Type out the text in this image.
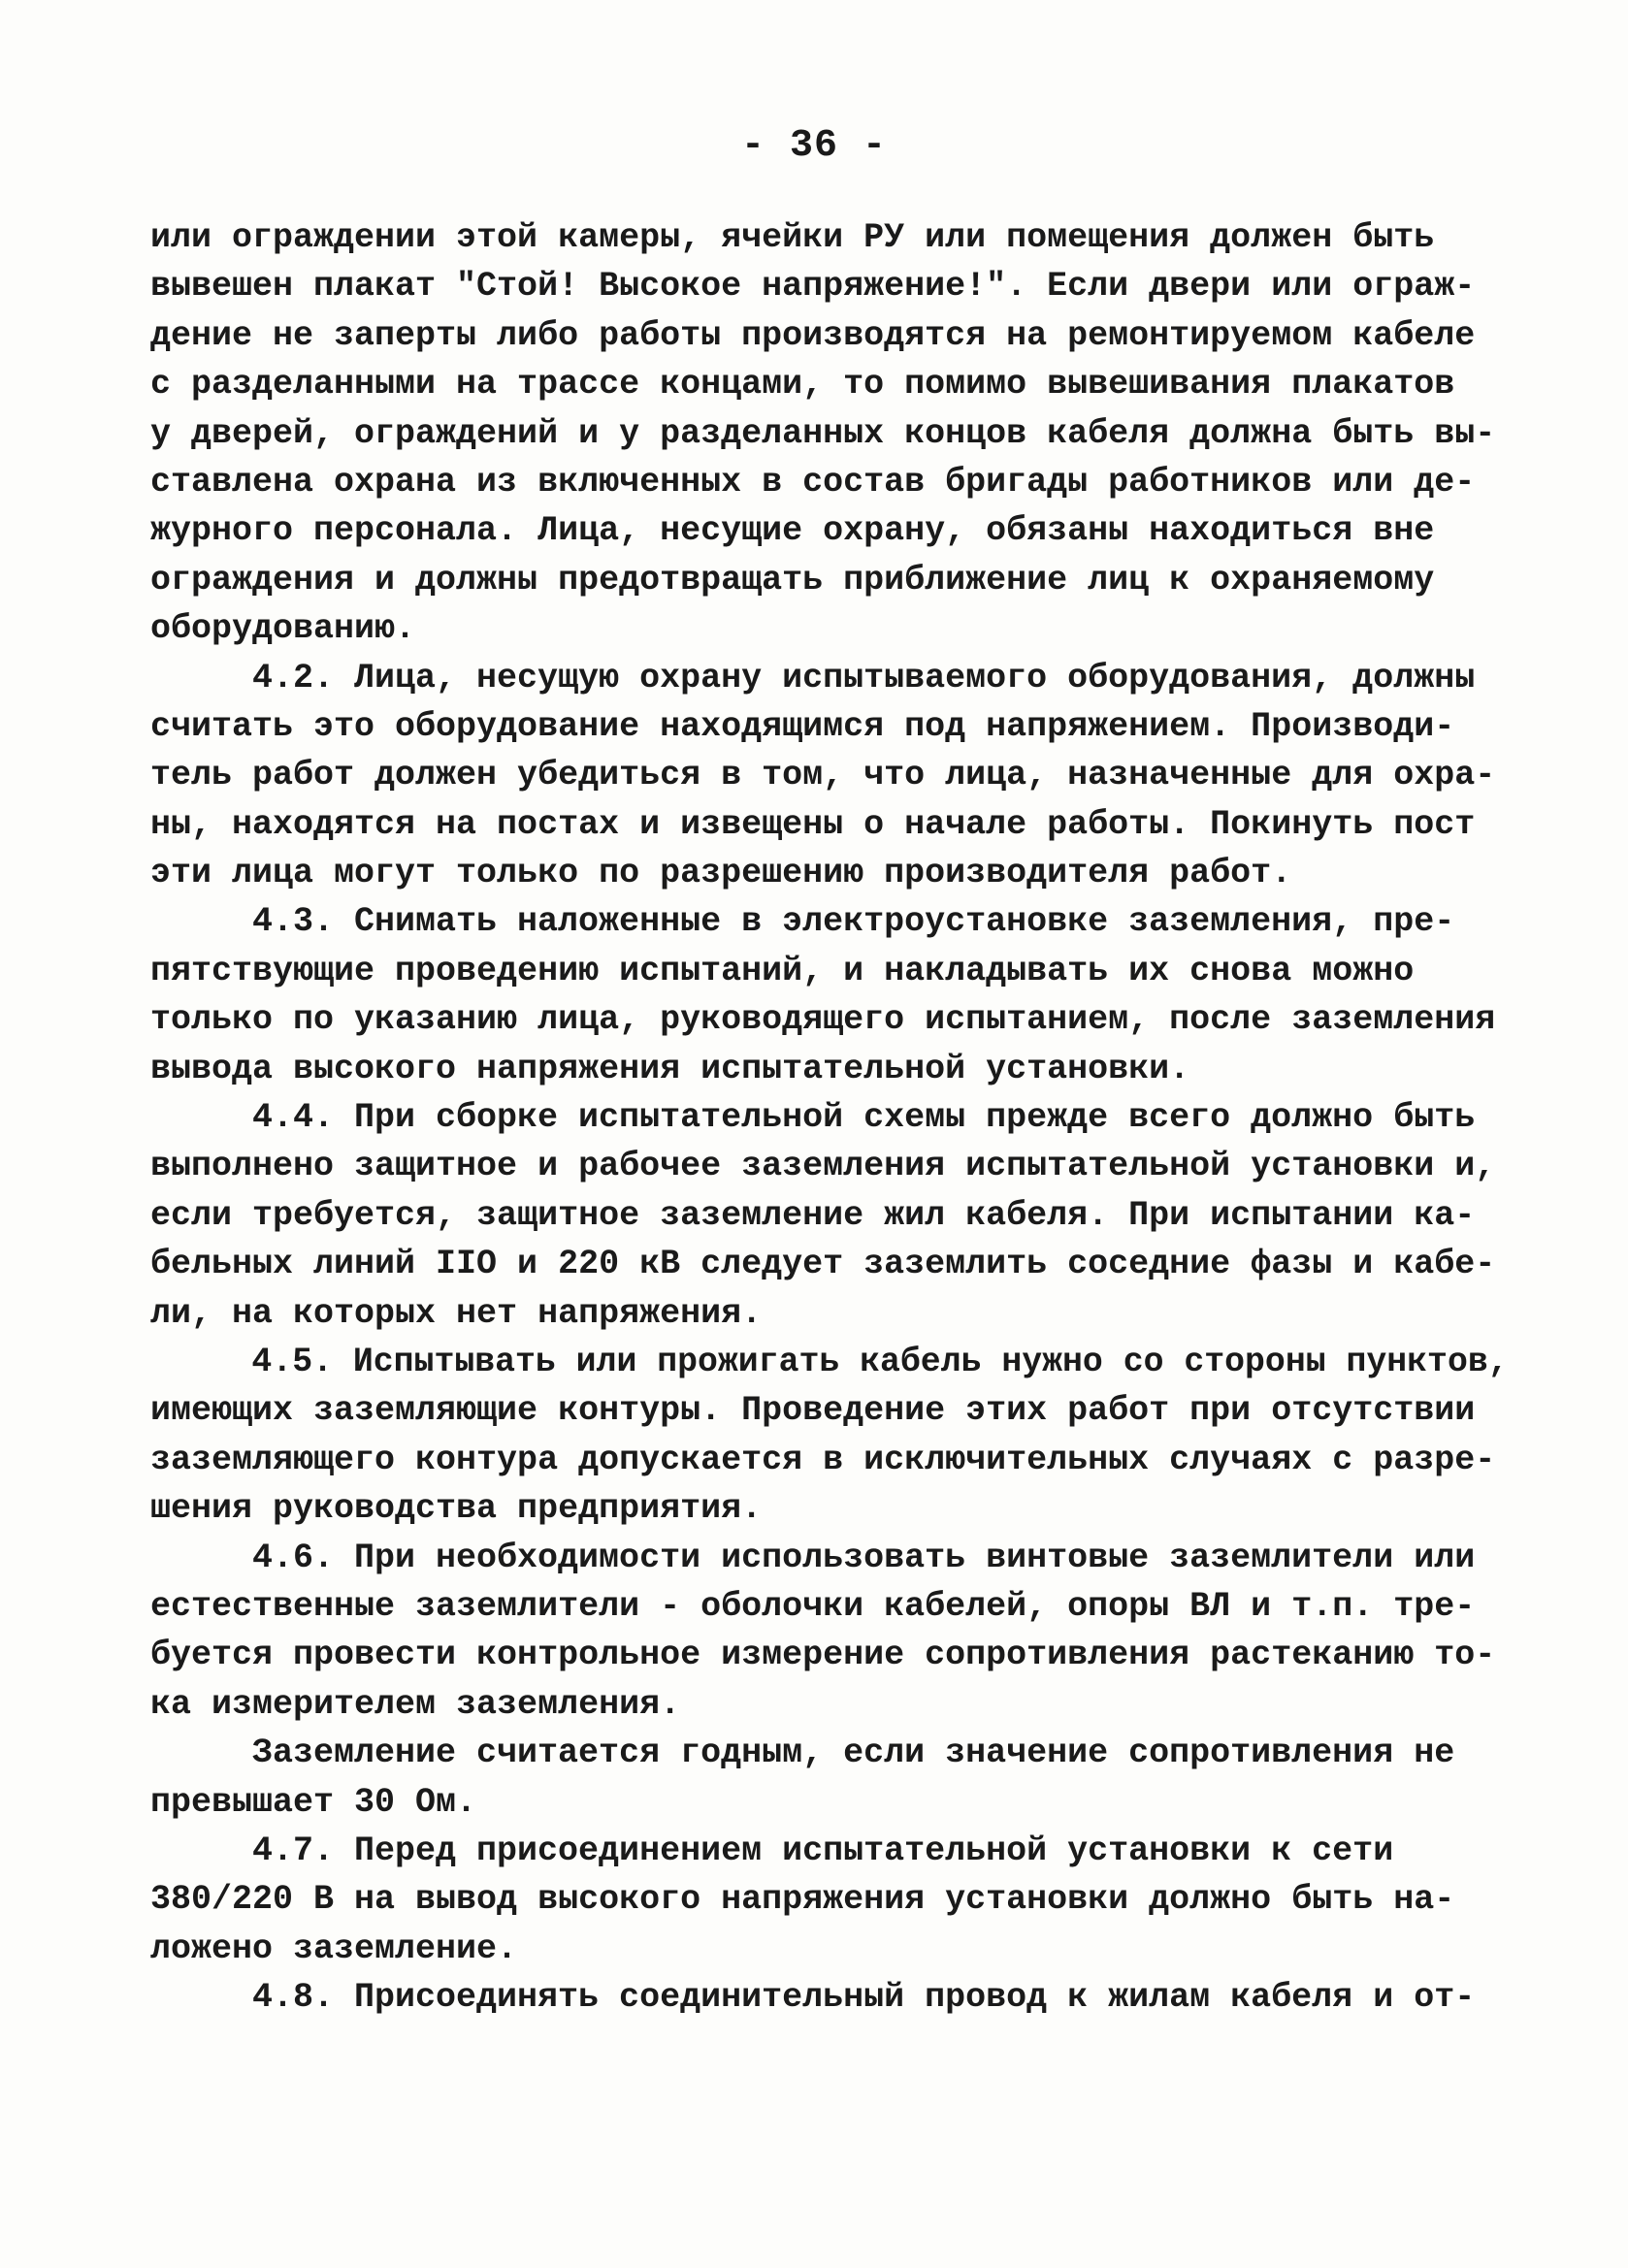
- 36 -
или ограждении этой камеры, ячейки РУ или помещения должен быть
вывешен плакат "Стой! Высокое напряжение!". Если двери или ограж-
дение не заперты либо работы производятся на ремонтируемом кабеле
с разделанными на трассе концами, то помимо вывешивания плакатов
у дверей, ограждений и у разделанных концов кабеля должна быть вы-
ставлена охрана из включенных в состав бригады работников или де-
журного персонала. Лица, несущие охрану, обязаны находиться вне
ограждения и должны предотвращать приближение лиц к охраняемому
оборудованию.
4.2. Лица, несущую охрану испытываемого оборудования, должны
считать это оборудование находящимся под напряжением. Производи-
тель работ должен убедиться в том, что лица, назначенные для охра-
ны, находятся на постах и извещены о начале работы. Покинуть пост
эти лица могут только по разрешению производителя работ.
4.3. Снимать наложенные в электроустановке заземления, пре-
пятствующие проведению испытаний, и накладывать их снова можно
только по указанию лица, руководящего испытанием, после заземления
вывода высокого напряжения испытательной установки.
4.4. При сборке испытательной схемы прежде всего должно быть
выполнено защитное и рабочее заземления испытательной установки и,
если требуется, защитное заземление жил кабеля. При испытании ка-
бельных линий IIO и 220 кВ следует заземлить соседние фазы и кабе-
ли, на которых нет напряжения.
4.5. Испытывать или прожигать кабель нужно со стороны пунктов,
имеющих заземляющие контуры. Проведение этих работ при отсутствии
заземляющего контура допускается в исключительных случаях с разре-
шения руководства предприятия.
4.6. При необходимости использовать винтовые заземлители или
естественные заземлители - оболочки кабелей, опоры ВЛ и т.п. тре-
буется провести контрольное измерение сопротивления растеканию то-
ка измерителем заземления.
Заземление считается годным, если значение сопротивления не
превышает 30 Ом.
4.7. Перед присоединением испытательной установки к сети
380/220 В на вывод высокого напряжения установки должно быть на-
ложено заземление.
4.8. Присоединять соединительный провод к жилам кабеля и от-
